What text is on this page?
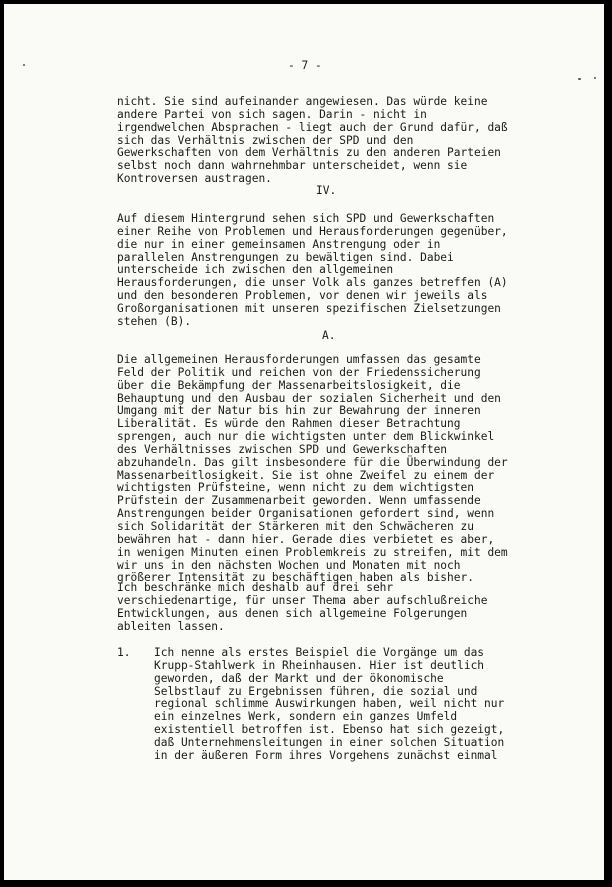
- 7 -
nicht. Sie sind aufeinander angewiesen. Das würde keine
andere Partei von sich sagen. Darin - nicht in
irgendwelchen Absprachen - liegt auch der Grund dafür, daß
sich das Verhältnis zwischen der SPD und den
Gewerkschaften von dem Verhältnis zu den anderen Parteien
selbst noch dann wahrnehmbar unterscheidet, wenn sie
Kontroversen austragen.
IV.
Auf diesem Hintergrund sehen sich SPD und Gewerkschaften
einer Reihe von Problemen und Herausforderungen gegenüber,
die nur in einer gemeinsamen Anstrengung oder in
parallelen Anstrengungen zu bewältigen sind. Dabei
unterscheide ich zwischen den allgemeinen
Herausforderungen, die unser Volk als ganzes betreffen (A)
und den besonderen Problemen, vor denen wir jeweils als
Großorganisationen mit unseren spezifischen Zielsetzungen
stehen (B).
A.
Die allgemeinen Herausforderungen umfassen das gesamte
Feld der Politik und reichen von der Friedenssicherung
über die Bekämpfung der Massenarbeitslosigkeit, die
Behauptung und den Ausbau der sozialen Sicherheit und den
Umgang mit der Natur bis hin zur Bewahrung der inneren
Liberalität. Es würde den Rahmen dieser Betrachtung
sprengen, auch nur die wichtigsten unter dem Blickwinkel
des Verhältnisses zwischen SPD und Gewerkschaften
abzuhandeln. Das gilt insbesondere für die Überwindung der
Massenarbeitlosigkeit. Sie ist ohne Zweifel zu einem der
wichtigsten Prüfsteine, wenn nicht zu dem wichtigsten
Prüfstein der Zusammenarbeit geworden. Wenn umfassende
Anstrengungen beider Organisationen gefordert sind, wenn
sich Solidarität der Stärkeren mit den Schwächeren zu
bewähren hat - dann hier. Gerade dies verbietet es aber,
in wenigen Minuten einen Problemkreis zu streifen, mit dem
wir uns in den nächsten Wochen und Monaten mit noch
größerer Intensität zu beschäftigen haben als bisher.
Ich beschränke mich deshalb auf drei sehr
verschiedenartige, für unser Thema aber aufschlußreiche
Entwicklungen, aus denen sich allgemeine Folgerungen
ableiten lassen.
1. Ich nenne als erstes Beispiel die Vorgänge um das
Krupp-Stahlwerk in Rheinhausen. Hier ist deutlich
geworden, daß der Markt und der ökonomische
Selbstlauf zu Ergebnissen führen, die sozial und
regional schlimme Auswirkungen haben, weil nicht nur
ein einzelnes Werk, sondern ein ganzes Umfeld
existentiell betroffen ist. Ebenso hat sich gezeigt,
daß Unternehmensleitungen in einer solchen Situation
in der äußeren Form ihres Vorgehens zunächst einmal
